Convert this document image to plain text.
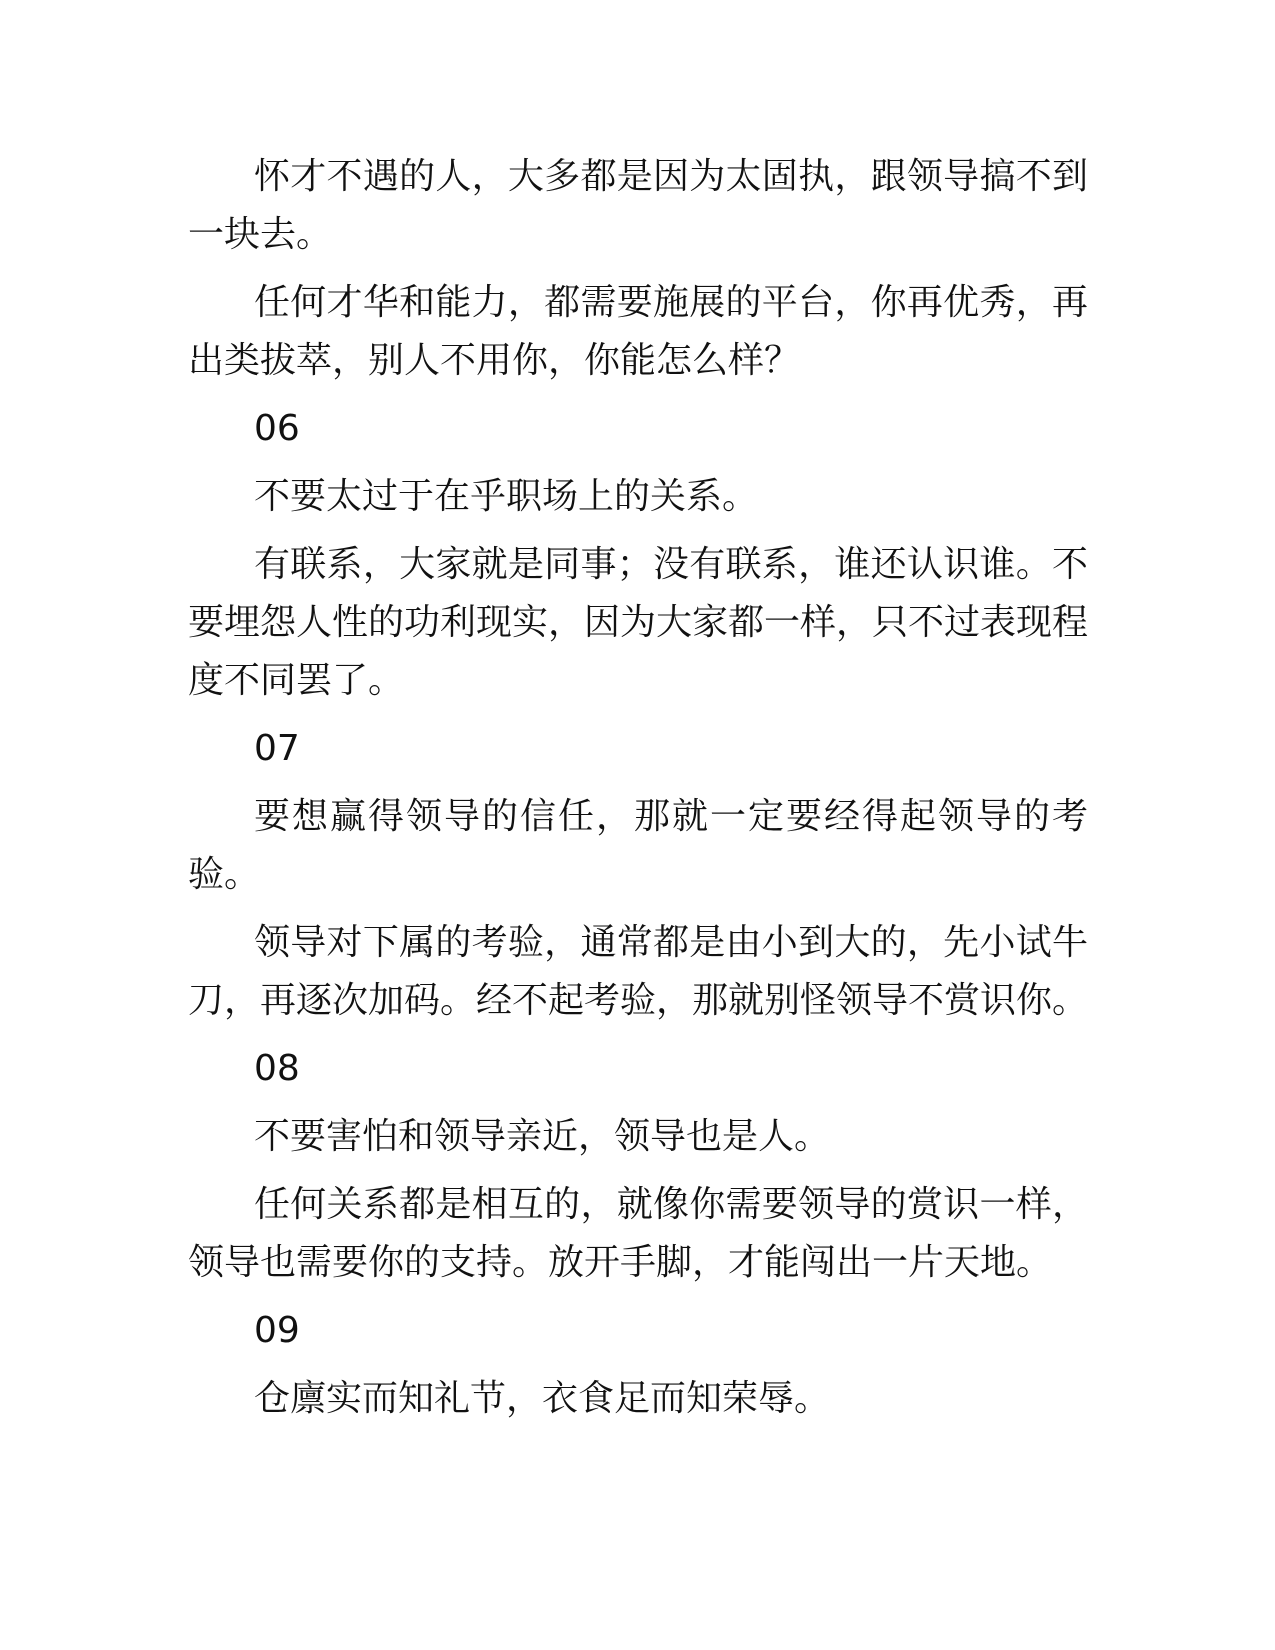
怀才不遇的人，大多都是因为太固执，跟领导搞不到一块去。

任何才华和能力，都需要施展的平台，你再优秀，再出类拔萃，别人不用你，你能怎么样？

06

不要太过于在乎职场上的关系。

有联系，大家就是同事；没有联系，谁还认识谁。不要埋怨人性的功利现实，因为大家都一样，只不过表现程度不同罢了。

07

要想赢得领导的信任，那就一定要经得起领导的考验。

领导对下属的考验，通常都是由小到大的，先小试牛刀，再逐次加码。经不起考验，那就别怪领导不赏识你。

08

不要害怕和领导亲近，领导也是人。

任何关系都是相互的，就像你需要领导的赏识一样，领导也需要你的支持。放开手脚，才能闯出一片天地。

09

仓廪实而知礼节，衣食足而知荣辱。
